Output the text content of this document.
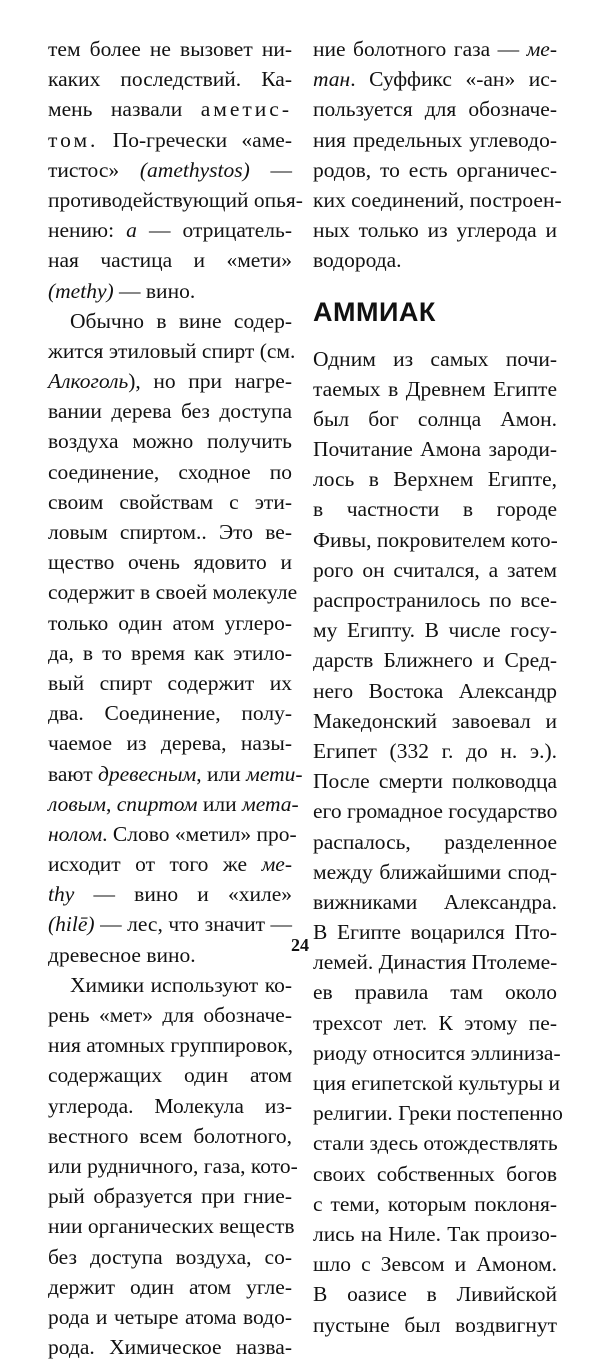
тем более не вызовет ни-
каких последствий. Ка-
мень назвали аметис-
том. По-гречески «аме-
тистос» (amethystos) —
противодействующий опья-
нению: а — отрицатель-
ная частица и «мети»
(methy) — вино.
Обычно в вине содер-
жится этиловый спирт (см.
Алкоголь), но при нагре-
вании дерева без доступа
воздуха можно получить
соединение, сходное по
своим свойствам с эти-
ловым спиртом.. Это ве-
щество очень ядовито и
содержит в своей молекуле
только один атом углеро-
да, в то время как этило-
вый спирт содержит их
два. Соединение, полу-
чаемое из дерева, назы-
вают древесным, или мети-
ловым, спиртом или мета-
нолом. Слово «метил» про-
исходит от того же ме-
thy — вино и «хиле»
(hilē) — лес, что значит —
древесное вино.
Химики используют ко-
рень «мет» для обозначе-
ния атомных группировок,
содержащих один атом
углерода. Молекула из-
вестного всем болотного,
или рудничного, газа, кото-
рый образуется при гние-
нии органических веществ
без доступа воздуха, со-
держит один атом угле-
рода и четыре атома водо-
рода. Химическое назва-
ние болотного газа — ме-
тан. Суффикс «-ан» ис-
пользуется для обозначе-
ния предельных углеводо-
родов, то есть органичес-
ких соединений, построен-
ных только из углерода и
водорода.
АММИАК
Одним из самых почи-
таемых в Древнем Египте
был бог солнца Амон.
Почитание Амона зароди-
лось в Верхнем Египте,
в частности в городе
Фивы, покровителем кото-
рого он считался, а затем
распространилось по все-
му Египту. В числе госу-
дарств Ближнего и Сред-
него Востока Александр
Македонский завоевал и
Египет (332 г. до н. э.).
После смерти полководца
его громадное государство
распалось, разделенное
между ближайшими спод-
вижниками Александра.
В Египте воцарился Пто-
лемей. Династия Птолеме-
ев правила там около
трехсот лет. К этому пе-
риоду относится эллиниза-
ция египетской культуры и
религии. Греки постепенно
стали здесь отождествлять
своих собственных богов
с теми, которым поклоня-
лись на Ниле. Так произо-
шло с Зевсом и Амоном.
В оазисе в Ливийской
пустыне был воздвигнут
24
